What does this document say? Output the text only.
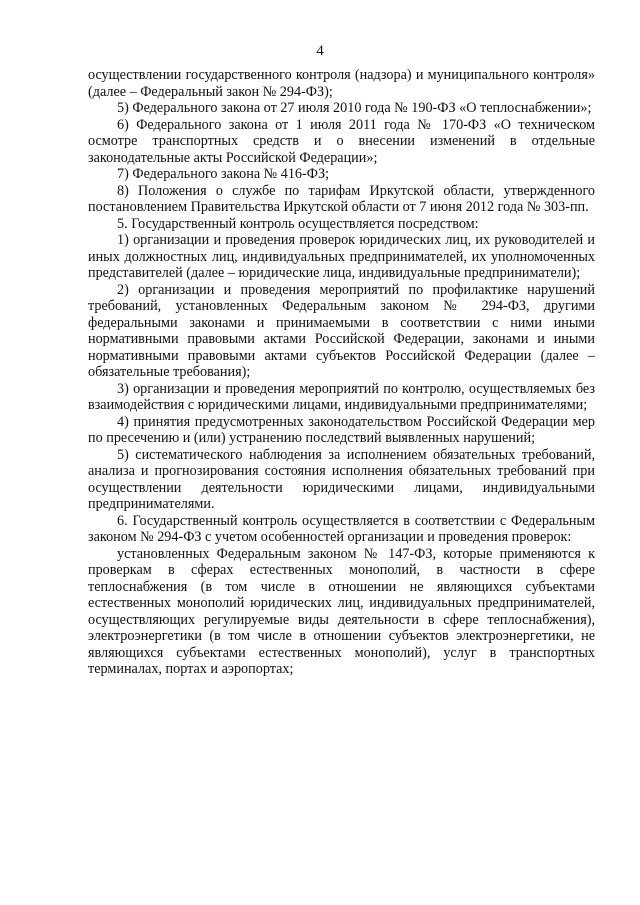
4

осуществлении государственного контроля (надзора) и муниципального контроля» (далее – Федеральный закон № 294-ФЗ);

5) Федерального закона от 27 июля 2010 года № 190-ФЗ «О теплоснабжении»;

6) Федерального закона от 1 июля 2011 года № 170-ФЗ «О техническом осмотре транспортных средств и о внесении изменений в отдельные законодательные акты Российской Федерации»;

7) Федерального закона № 416-ФЗ;

8) Положения о службе по тарифам Иркутской области, утвержденного постановлением Правительства Иркутской области от 7 июня 2012 года № 303-пп.

5. Государственный контроль осуществляется посредством:

1) организации и проведения проверок юридических лиц, их руководителей и иных должностных лиц, индивидуальных предпринимателей, их уполномоченных представителей (далее – юридические лица, индивидуальные предприниматели);

2) организации и проведения мероприятий по профилактике нарушений требований, установленных Федеральным законом № 294-ФЗ, другими федеральными законами и принимаемыми в соответствии с ними иными нормативными правовыми актами Российской Федерации, законами и иными нормативными правовыми актами субъектов Российской Федерации (далее – обязательные требования);

3) организации и проведения мероприятий по контролю, осуществляемых без взаимодействия с юридическими лицами, индивидуальными предпринимателями;

4) принятия предусмотренных законодательством Российской Федерации мер по пресечению и (или) устранению последствий выявленных нарушений;

5) систематического наблюдения за исполнением обязательных требований, анализа и прогнозирования состояния исполнения обязательных требований при осуществлении деятельности юридическими лицами, индивидуальными предпринимателями.

6. Государственный контроль осуществляется в соответствии с Федеральным законом № 294-ФЗ с учетом особенностей организации и проведения проверок:

установленных Федеральным законом № 147-ФЗ, которые применяются к проверкам в сферах естественных монополий, в частности в сфере теплоснабжения (в том числе в отношении не являющихся субъектами естественных монополий юридических лиц, индивидуальных предпринимателей, осуществляющих регулируемые виды деятельности в сфере теплоснабжения), электроэнергетики (в том числе в отношении субъектов электроэнергетики, не являющихся субъектами естественных монополий), услуг в транспортных терминалах, портах и аэропортах;
